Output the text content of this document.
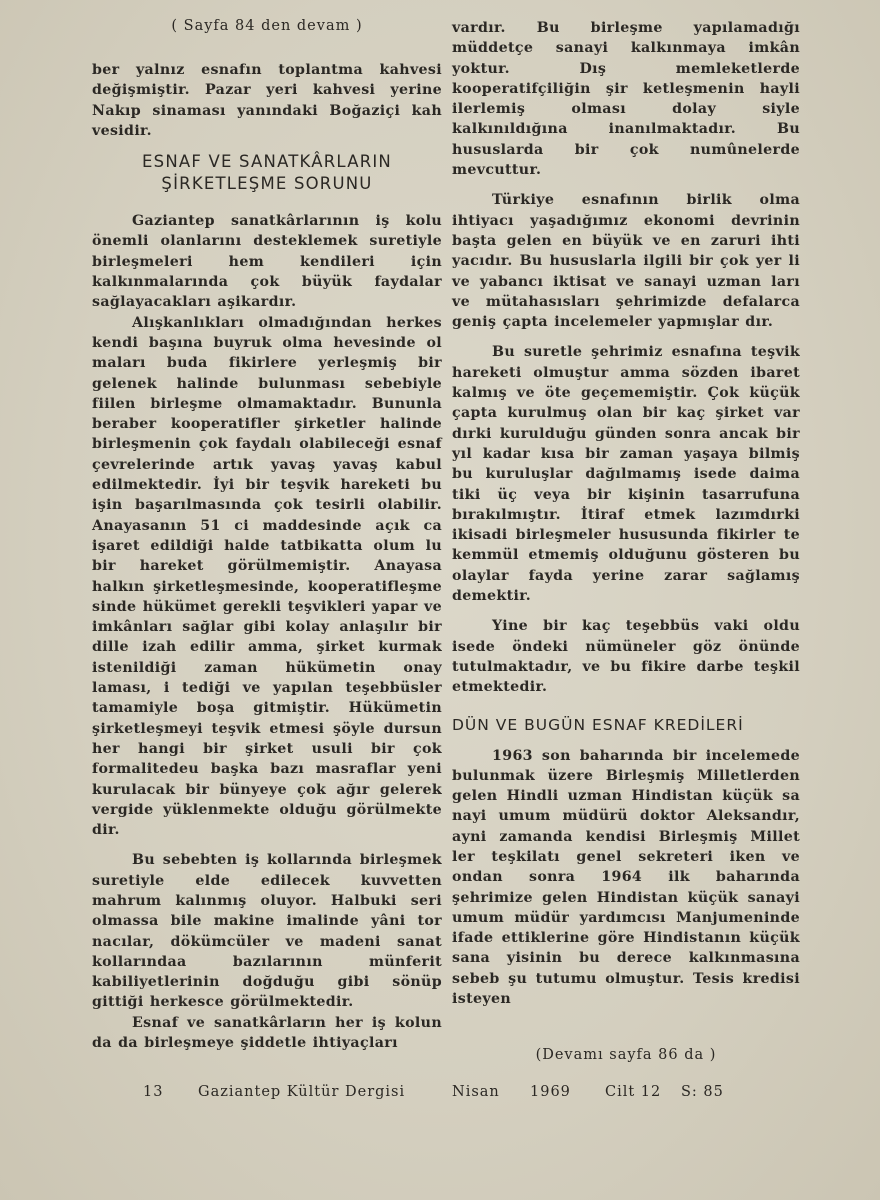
( Sayfa 84 den devam )

ber yalnız esnafın toplantma kahvesi değişmiştir. Pazar yeri kahvesi yerine Nakıp sinaması yanındaki Boğaziçi kah vesidir.

ESNAF VE SANATKÂRLARIN
ŞİRKETLEŞME SORUNU

Gaziantep sanatkârlarının iş kolu önemli olanlarını desteklemek suretiyle birleşmeleri hem kendileri için kalkınmalarında çok büyük faydalar sağlayacakları aşikardır.

Alışkanlıkları olmadığından herkes kendi başına buyruk olma hevesinde ol maları buda fikirlere yerleşmiş bir gelenek halinde bulunması sebebiyle fiilen birleşme olmamaktadır. Bununla beraber kooperatifler şirketler halinde birleşmenin çok faydalı olabileceği esnaf çevrelerinde artık yavaş yavaş kabul edilmektedir. İyi bir teşvik hareketi bu işin başarılmasında çok tesirli olabilir. Anayasanın 51 ci maddesinde açık ca işaret edildiği halde tatbikatta olum lu bir hareket görülmemiştir. Anayasa halkın şirketleşmesinde, kooperatifleşme sinde hükümet gerekli teşvikleri yapar ve imkânları sağlar gibi kolay anlaşılır bir dille izah edilir amma, şirket kurmak istenildiği zaman hükümetin onay laması, i tediği ve yapılan teşebbüsler tamamiyle boşa gitmiştir. Hükümetin şirketleşmeyi teşvik etmesi şöyle dursun her hangi bir şirket usuli bir çok formalitedeu başka bazı masraflar yeni kurulacak bir bünyeye çok ağır gelerek vergide yüklenmekte olduğu görülmekte dir.

Bu sebebten iş kollarında birleşmek suretiyle elde edilecek kuvvetten mahrum kalınmış oluyor. Halbuki seri olmassa bile makine imalinde yâni tor nacılar, dökümcüler ve madeni sanat kollarındaa bazılarının münferit kabiliyetlerinin doğduğu gibi sönüp gittiği herkesce görülmektedir.

Esnaf ve sanatkârların her iş kolun da da birleşmeye şiddetle ihtiyaçları

vardır. Bu birleşme yapılamadığı müddetçe sanayi kalkınmaya imkân yoktur. Dış memleketlerde kooperatifçiliğin şir ketleşmenin hayli ilerlemiş olması dolay siyle kalkınıldığına inanılmaktadır. Bu hususlarda bir çok numûnelerde mevcuttur.

Türkiye esnafının birlik olma ihtiyacı yaşadığımız ekonomi devrinin başta gelen en büyük ve en zaruri ihti yacıdır. Bu hususlarla ilgili bir çok yer li ve yabancı iktisat ve sanayi uzman ları ve mütahasısları şehrimizde defalarca geniş çapta incelemeler yapmışlar dır.

Bu suretle şehrimiz esnafına teşvik hareketi olmuştur amma sözden ibaret kalmış ve öte geçememiştir. Çok küçük çapta kurulmuş olan bir kaç şirket var dırki kurulduğu günden sonra ancak bir yıl kadar kısa bir zaman yaşaya bilmiş bu kuruluşlar dağılmamış isede daima tiki üç veya bir kişinin tasarrufuna bırakılmıştır. İtiraf etmek lazımdırki ikisadi birleşmeler hususunda fikirler te kemmül etmemiş olduğunu gösteren bu olaylar fayda yerine zarar sağlamış demektir.

Yine bir kaç teşebbüs vaki oldu isede öndeki nümüneler göz önünde tutulmaktadır, ve bu fikire darbe teşkil etmektedir.

DÜN VE BUGÜN ESNAF KREDİLERİ

1963 son baharında bir incelemede bulunmak üzere Birleşmiş Milletlerden gelen Hindli uzman Hindistan küçük sa nayi umum müdürü doktor Aleksandır, ayni zamanda kendisi Birleşmiş Millet ler teşkilatı genel sekreteri iken ve ondan sonra 1964 ilk baharında şehrimize gelen Hindistan küçük sanayi umum müdür yardımcısı Manjumeninde ifade ettiklerine göre Hindistanın küçük sana yisinin bu derece kalkınmasına sebeb şu tutumu olmuştur. Tesis kredisi isteyen

(Devamı sayfa 86 da )
13 Gaziantep Kültür Dergisi	Nisan 1969 Cilt 12 S: 85
